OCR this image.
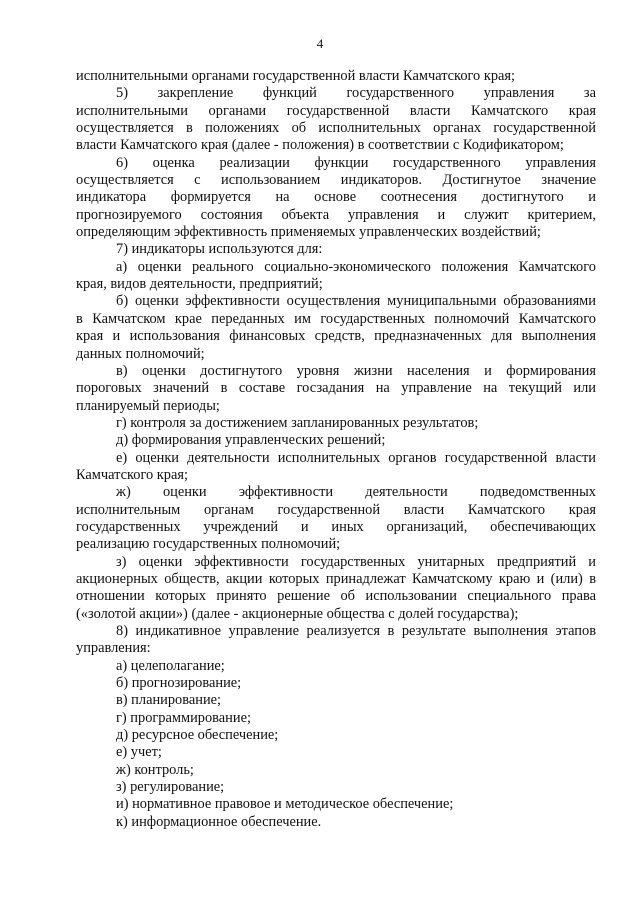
4
исполнительными органами государственной власти Камчатского края;
5) закрепление функций государственного управления за
исполнительными органами государственной власти Камчатского края
осуществляется в положениях об исполнительных органах государственной
власти Камчатского края (далее - положения) в соответствии с Кодификатором;
6) оценка реализации функции государственного управления
осуществляется с использованием индикаторов. Достигнутое значение
индикатора формируется на основе соотнесения достигнутого и
прогнозируемого состояния объекта управления и служит критерием,
определяющим эффективность применяемых управленческих воздействий;
7) индикаторы используются для:
а) оценки реального социально-экономического положения Камчатского
края, видов деятельности, предприятий;
б) оценки эффективности осуществления муниципальными образованиями
в Камчатском крае переданных им государственных полномочий Камчатского
края и использования финансовых средств, предназначенных для выполнения
данных полномочий;
в) оценки достигнутого уровня жизни населения и формирования
пороговых значений в составе госзадания на управление на текущий или
планируемый периоды;
г) контроля за достижением запланированных результатов;
д) формирования управленческих решений;
е) оценки деятельности исполнительных органов государственной власти
Камчатского края;
ж) оценки эффективности деятельности подведомственных
исполнительным органам государственной власти Камчатского края
государственных учреждений и иных организаций, обеспечивающих
реализацию государственных полномочий;
з) оценки эффективности государственных унитарных предприятий и
акционерных обществ, акции которых принадлежат Камчатскому краю и (или) в
отношении которых принято решение об использовании специального права
(«золотой акции») (далее - акционерные общества с долей государства);
8) индикативное управление реализуется в результате выполнения этапов
управления:
а) целеполагание;
б) прогнозирование;
в) планирование;
г) программирование;
д) ресурсное обеспечение;
е) учет;
ж) контроль;
з) регулирование;
и) нормативное правовое и методическое обеспечение;
к) информационное обеспечение.
